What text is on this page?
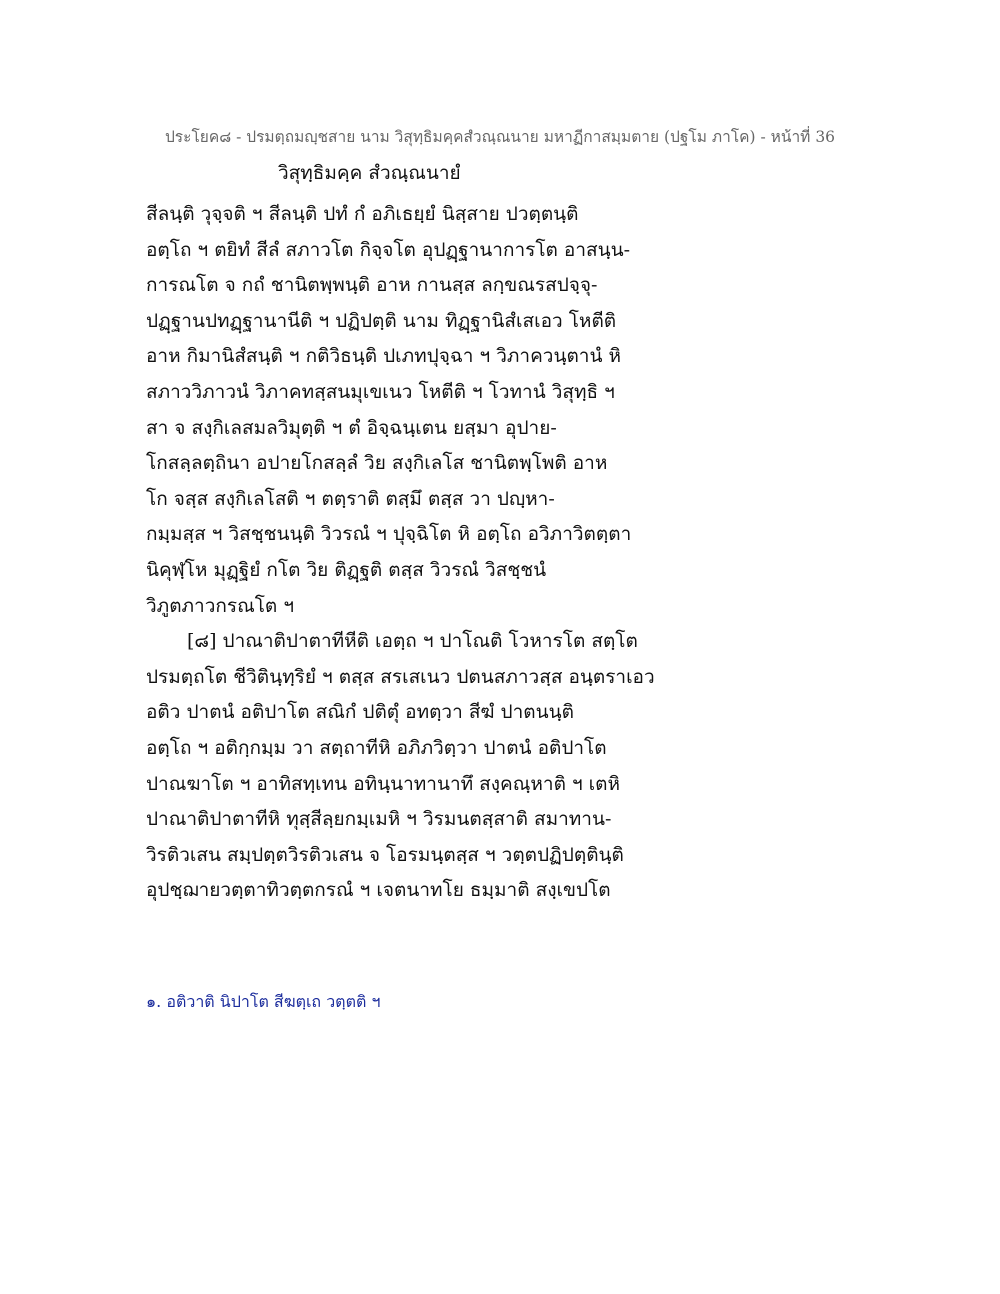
ประโยค๘ - ปรมตฺถมญฺชสาย นาม วิสุทฺธิมคฺคสํวณฺณนาย มหาฏีกาสมฺมตาย (ปฐโม ภาโค) - หน้าที่ 36
วิสุทฺธิมคฺค สํวณฺณนายํ
สีลนฺติ วุจฺจติ ฯ สีลนฺติ ปทํ กํ อภิเธยฺยํ นิสฺสาย ปวตฺตนฺติ
อตฺโถ ฯ ตยิทํ สีลํ สภาวโต กิจฺจโต อุปฏฺฐานาการโต อาสนฺน-
การณโต จ กถํ ชานิตพฺพนฺติ อาห กานสฺส ลกฺขณรสปจฺจุ-
ปฏฺฐานปทฏฺฐานานีติ ฯ ปฏิปตฺติ นาม ทิฏฺฐานิสํเสเอว โหตีติ
อาห กิมานิสํสนฺติ ฯ กติวิธนฺติ ปเภทปุจฺฉา ฯ วิภาควนฺตานํ หิ
สภาววิภาวนํ วิภาคทสฺสนมุเขเนว โหตีติ ฯ โวทานํ วิสุทฺธิ ฯ
สา จ สงฺกิเลสมลวิมุตฺติ ฯ ตํ อิจฺฉนฺเตน ยสฺมา อุปาย-
โกสลฺลตฺถินา อปายโกสลฺลํ วิย สงฺกิเลโส ชานิตพฺโพติ อาห
โก จสฺส สงฺกิเลโสติ ฯ ตตฺราติ ตสฺมึ ตสฺส วา ปญฺหา-
กมฺมสฺส ฯ วิสชฺชนนฺติ วิวรณํ ฯ ปุจฺฉิโต หิ อตฺโถ อวิภาวิตตฺตา
นิคุฬฺโห มุฏฺฐิยํ กโต วิย ติฏฺฐติ ตสฺส วิวรณํ วิสชฺชนํ
วิภูตภาวกรณโต ฯ
[๘] ปาณาติปาตาทีหีติ เอตฺถ ฯ ปาโณติ โวหารโต สตฺโต
ปรมตฺถโต ชีวิตินฺทฺริยํ ฯ ตสฺส สรเสเนว ปตนสภาวสฺส อนฺตราเอว
อติว ปาตนํ อติปาโต สณิกํ ปติตุํ อทตฺวา สีฆํ ปาตนนฺติ
อตฺโถ ฯ อติกฺกมฺม วา สตฺถาทีหิ อภิภวิตฺวา ปาตนํ อติปาโต
ปาณฆาโต ฯ อาทิสทฺเทน อทินฺนาทานาทึ สงฺคณฺหาติ ฯ เตหิ
ปาณาติปาตาทีหิ ทุสฺสีลฺยกมฺเมหิ ฯ วิรมนตสฺสาติ สมาทาน-
วิรติวเสน สมฺปตฺตวิรติวเสน จ โอรมนฺตสฺส ฯ วตฺตปฏิปตฺตินฺติ
อุปชฺฌายวตฺตาทิวตฺตกรณํ ฯ เจตนาทโย ธมฺมาติ สงฺเขปโต
๑. อติวาติ นิปาโต สีฆตฺเถ วตฺตติ ฯ
